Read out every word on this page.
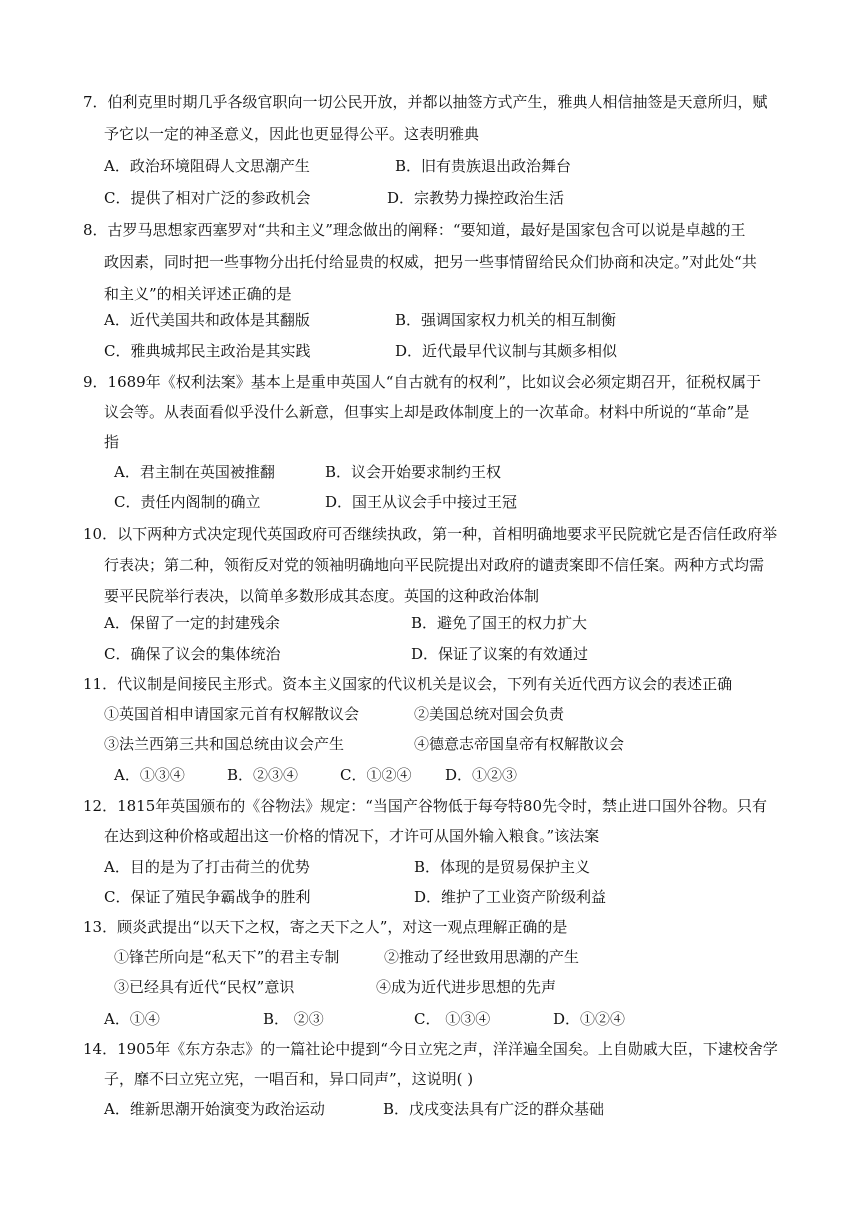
7．伯利克里时期几乎各级官职向一切公民开放，并都以抽签方式产生，雅典人相信抽签是天意所归，赋
予它以一定的神圣意义，因此也更显得公平。这表明雅典
A．政治环境阻碍人文思潮产生	B．旧有贵族退出政治舞台
C．提供了相对广泛的参政机会	D．宗教势力操控政治生活
8．古罗马思想家西塞罗对“共和主义”理念做出的阐释：“要知道，最好是国家包含可以说是卓越的王
政因素，同时把一些事物分出托付给显贵的权威，把另一些事情留给民众们协商和决定。”对此处“共
和主义”的相关评述正确的是
A．近代美国共和政体是其翻版	B．强调国家权力机关的相互制衡
C．雅典城邦民主政治是其实践	D．近代最早代议制与其颇多相似
9．1689年《权利法案》基本上是重申英国人“自古就有的权利”，比如议会必须定期召开，征税权属于
议会等。从表面看似乎没什么新意，但事实上却是政体制度上的一次革命。材料中所说的“革命”是
指
A．君主制在英国被推翻	B．议会开始要求制约王权
C．责任内阁制的确立	D．国王从议会手中接过王冠
10．以下两种方式决定现代英国政府可否继续执政，第一种，首相明确地要求平民院就它是否信任政府举
行表决；第二种，领衔反对党的领袖明确地向平民院提出对政府的谴责案即不信任案。两种方式均需
要平民院举行表决，以简单多数形成其态度。英国的这种政治体制
A．保留了一定的封建残余	B．避免了国王的权力扩大
C．确保了议会的集体统治	D．保证了议案的有效通过
11．代议制是间接民主形式。资本主义国家的代议机关是议会，下列有关近代西方议会的表述正确
①英国首相申请国家元首有权解散议会	②美国总统对国会负责
③法兰西第三共和国总统由议会产生	④德意志帝国皇帝有权解散议会
A．①③④	B．②③④	C．①②④ D．①②③
12．1815年英国颁布的《谷物法》规定：“当国产谷物低于每夸特80先令时，禁止进口国外谷物。只有
在达到这种价格或超出这一价格的情况下，才许可从国外输入粮食。”该法案
A．目的是为了打击荷兰的优势	B．体现的是贸易保护主义
C．保证了殖民争霸战争的胜利	D．维护了工业资产阶级利益
13．顾炎武提出“以天下之权，寄之天下之人”，对这一观点理解正确的是
①锋芒所向是“私天下”的君主专制	②推动了经世致用思潮的产生
③已经具有近代“民权”意识	④成为近代进步思想的先声
A．①④	B． ②③	C． ①③④	D．①②④
14．1905年《东方杂志》的一篇社论中提到“今日立宪之声，洋洋遍全国矣。上自勋戚大臣，下逮校舍学
子，靡不曰立宪立宪，一唱百和，异口同声”，这说明( )
A．维新思潮开始演变为政治运动	B．戊戌变法具有广泛的群众基础
